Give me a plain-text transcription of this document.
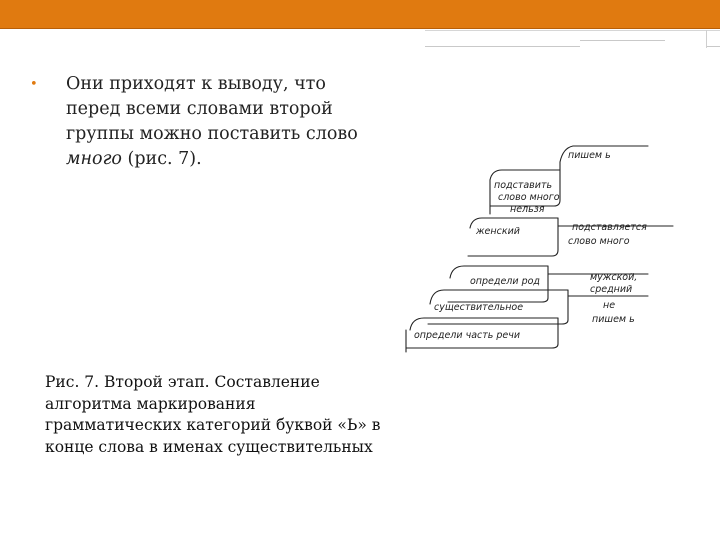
•	Они приходят к выводу, что перед всеми словами второй группы можно поставить слово много (рис. 7).	пишем ь
подставить
слово много
нельзя
женский	подставляется
слово много
определи род	мужской,
средний
существительное	не
пишем ь
определи часть речи
Рис. 7. Второй этап. Составление алгоритма маркирования грамматических категорий буквой «Ь» в конце слова в именах существительных
